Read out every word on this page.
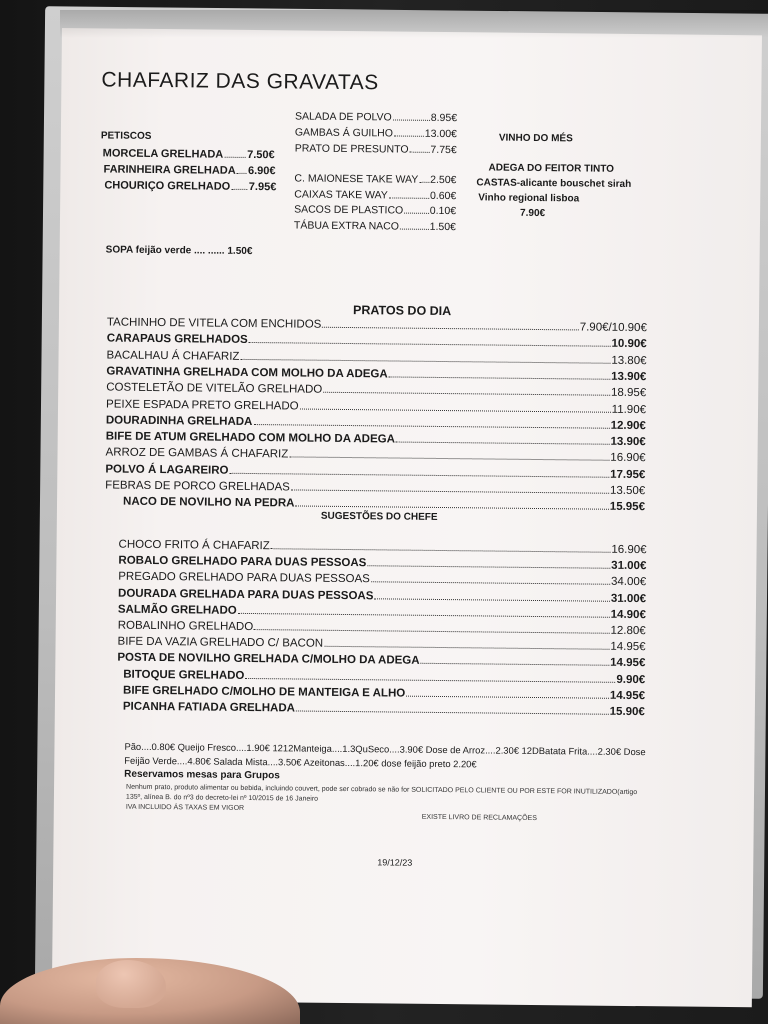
CHAFARIZ DAS GRAVATAS
PETISCOS
MORCELA GRELHADA 7.50€
FARINHEIRA GRELHADA 6.90€
CHOURIÇO GRELHADO 7.95€
SALADA DE POLVO	8.95€
GAMBAS Á GUILHO	13.00€
PRATO DE PRESUNTO 7.75€
C. MAIONESE TAKE WAY 2.50€
CAIXAS TAKE WAY	0.60€
SACOS DE PLASTICO	0.10€
TÁBUA EXTRA NACO	1.50€
SOPA feijão verde .... ...... 1.50€
VINHO DO MÉS
ADEGA DO FEITOR TINTO
CASTAS-alicante bouschet sirah
Vinho regional lisboa
7.90€
PRATOS DO DIA
TACHINHO DE VITELA COM ENCHIDOS	7.90€/10.90€
CARAPAUS GRELHADOS	10.90€
BACALHAU Á CHAFARIZ	13.80€
GRAVATINHA GRELHADA COM MOLHO DA ADEGA	13.90€
COSTELETÃO DE VITELÃO GRELHADO	18.95€
PEIXE ESPADA PRETO GRELHADO	11.90€
DOURADINHA GRELHADA	12.90€
BIFE DE ATUM GRELHADO COM MOLHO DA ADEGA	13.90€
ARROZ DE GAMBAS Á CHAFARIZ	16.90€
POLVO Á LAGAREIRO	17.95€
FEBRAS DE PORCO GRELHADAS	13.50€
NACO DE NOVILHO NA PEDRA	15.95€
SUGESTÕES DO CHEFE
CHOCO FRITO Á CHAFARIZ	16.90€
ROBALO GRELHADO PARA DUAS PESSOAS	31.00€
PREGADO GRELHADO PARA DUAS PESSOAS	34.00€
DOURADA GRELHADA PARA DUAS PESSOAS	31.00€
SALMÃO GRELHADO	14.90€
ROBALINHO GRELHADO	12.80€
BIFE DA VAZIA GRELHADO C/ BACON	14.95€
POSTA DE NOVILHO GRELHADA C/MOLHO DA ADEGA	14.95€
BITOQUE GRELHADO	9.90€
BIFE GRELHADO C/MOLHO DE MANTEIGA E ALHO	14.95€
PICANHA FATIADA GRELHADA	15.90€
Pão....0.80€ Queijo Fresco....1.90€ 1212Manteiga....1.3QuSeco....3.90€ Dose de Arroz....2.30€ 12DBatata Frita....2.30€ Dose
Feijão Verde....4.80€ Salada Mista....3.50€ Azeitonas....1.20€ dose feijão preto 2.20€
Reservamos mesas para Grupos
Nenhum prato, produto alimentar ou bebida, incluindo couvert, pode ser cobrado se não for SOLICITADO PELO CLIENTE OU POR ESTE FOR INUTILIZADO(artigo
135º, alínea B. do nº3 do decreto-lei nº 10/2015 de 16 Janeiro
IVA INCLUIDO ÁS TAXAS EM VIGOR
EXISTE LIVRO DE RECLAMAÇÕES
19/12/23
